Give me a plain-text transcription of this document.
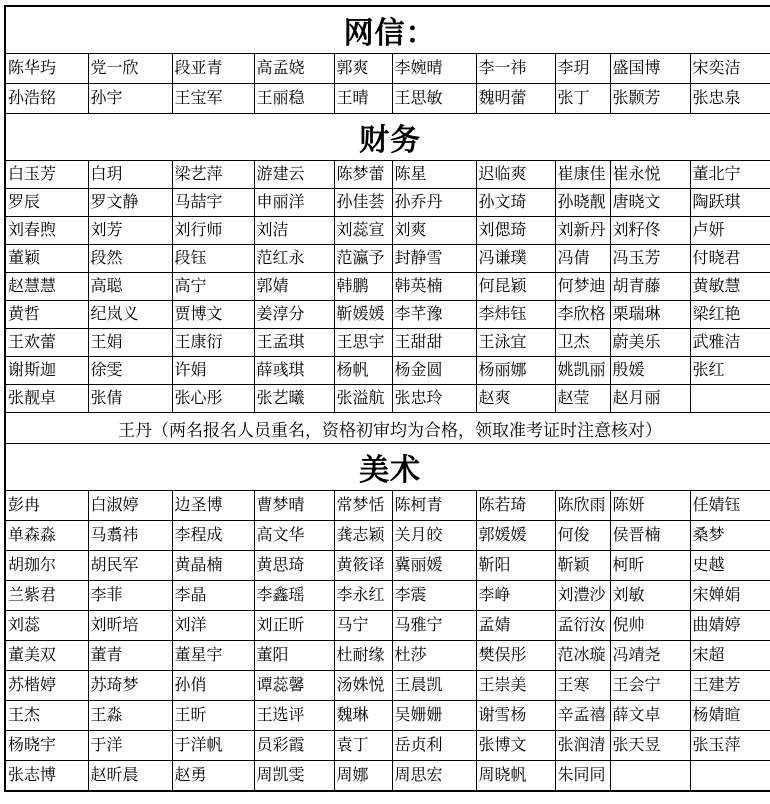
网信：									
陈华玙	党一欣	段亚青	高孟娆	郭爽	李婉晴	李一祎	李玥	盛国博	宋奕洁
孙浩铭	孙宇	王宝军	王丽稳	王晴	王思敏	魏明蕾	张丁	张颢芳	张忠泉
财务									
白玉芳	白玥	梁艺萍	游建云	陈梦蕾	陈星	迟临爽	崔康佳	崔永悦	董北宁
罗辰	罗文静	马喆宇	申丽洋	孙佳荟	孙乔丹	孙文琦	孙晓靓	唐晓文	陶跃琪
刘春煦	刘芳	刘行师	刘洁	刘蕊宣	刘爽	刘偲琦	刘新丹	刘籽佟	卢妍
董颖	段然	段钰	范红永	范瀛予	封静雪	冯谦璞	冯倩	冯玉芳	付晓君
赵慧慧	高聪	高宁	郭婧	韩鹏	韩英楠	何昆颖	何梦迪	胡青藤	黄敏慧
黄哲	纪岚义	贾博文	姜淳分	靳媛媛	李芊豫	李炜钰	李欣格	栗瑞琳	梁红艳
王欢蕾	王娟	王康衍	王孟琪	王思宇	王甜甜	王泳宜	卫杰	蔚美乐	武雅洁
谢斯迦	徐雯	许娟	薛彧琪	杨帆	杨金圆	杨丽娜	姚凯丽	殷媛	张红
张靓卓	张倩	张心彤	张艺曦	张溢航	张忠玲	赵爽	赵莹	赵月丽	
王丹（两名报名人员重名，资格初审均为合格，领取准考证时注意核对）									
美术									
彭冉	白淑婷	边圣博	曹梦晴	常梦恬	陈柯青	陈若琦	陈欣雨	陈妍	任婧钰
单森淼	马翥祎	李程成	高文华	龚志颖	关月皎	郭媛媛	何俊	侯晋楠	桑梦
胡珈尔	胡民军	黄晶楠	黄思琦	黄筱译	冀丽媛	靳阳	靳颖	柯昕	史越
兰紫君	李菲	李晶	李鑫瑶	李永红	李震	李峥	刘澧沙	刘敏	宋婵娟
刘蕊	刘昕培	刘洋	刘正昕	马宁	马雅宁	孟婧	孟衍汝	倪帅	曲婧婷
董美双	董青	董星宇	董阳	杜耐缘	杜莎	樊俣彤	范冰璇	冯靖尧	宋超
苏楷婷	苏琦梦	孙俏	谭蕊馨	汤姝悦	王晨凯	王崇美	王寒	王会宁	王建芳
王杰	王淼	王昕	王选评	魏琳	吴姗姗	谢雪杨	辛孟禧	薛文卓	杨婧暄
杨晓宇	于洋	于洋帆	员彩霞	袁丁	岳贞利	张博文	张润清	张天昱	张玉萍
张志博	赵昕晨	赵勇	周凯雯	周娜	周思宏	周晓帆	朱同同		
